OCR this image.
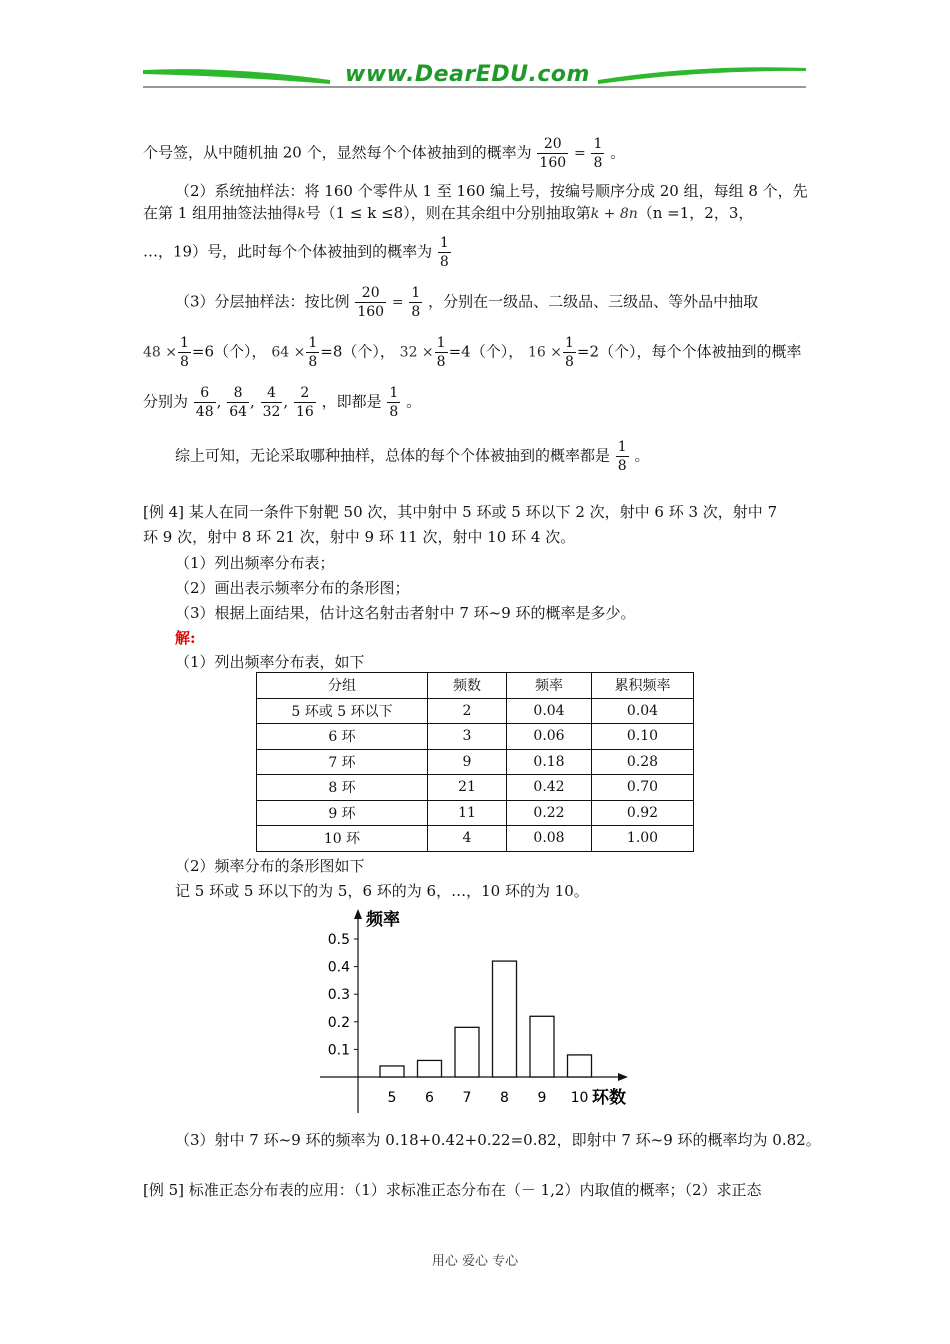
www.DearEDU.com
个号签，从中随机抽 20 个，显然每个个体被抽到的概率为 $\frac{20}{160} = \frac{1}{8}$ 。
（2）系统抽样法：将 160 个零件从 1 至 160 编上号，按编号顺序分成 20 组，每组 8 个，先
在第 1 组用抽签法抽得k号（1 ≤ k ≤8），则在其余组中分别抽取第k + 8n（n =1，2，3，
…，19）号，此时每个个体被抽到的概率为 $\frac{1}{8}$
（3）分层抽样法：按比例 $\frac{20}{160} = \frac{1}{8}$ ，分别在一级品、二级品、三级品、等外品中抽取
$48 \times \frac{1}{8} =6$（个）， $64 \times \frac{1}{8} =8$（个）， $32 \times \frac{1}{8} =4$（个）， $16 \times \frac{1}{8} =2$（个），每个个体被抽到的概率
分别为 $\frac{6}{48}$ , $\frac{8}{64}$ , $\frac{4}{32}$ , $\frac{2}{16}$ ，即都是 $\frac{1}{8}$ 。
综上可知，无论采取哪种抽样，总体的每个个体被抽到的概率都是 $\frac{1}{8}$ 。
[例 4] 某人在同一条件下射靶 50 次，其中射中 5 环或 5 环以下 2 次，射中 6 环 3 次，射中 7
环 9 次，射中 8 环 21 次，射中 9 环 11 次，射中 10 环 4 次。
（1）列出频率分布表；
（2）画出表示频率分布的条形图；
（3）根据上面结果，估计这名射击者射中 7 环~9 环的概率是多少。
解:
（1）列出频率分布表，如下
分组	频数	频率	累积频率
5 环或 5 环以下	2	0.04	0.04
6 环	3	0.06	0.10
7 环	9	0.18	0.28
8 环	21	0.42	0.70
9 环	11	0.22	0.92
10 环	4	0.08	1.00
（2）频率分布的条形图如下
记 5 环或 5 环以下的为 5，6 环的为 6，…，10 环的为 10。
0.1
0.2
0.3
0.4
0.5
5 6 7 8 9 10
频率
环数
（3）射中 7 环~9 环的频率为 0.18+0.42+0.22=0.82，即射中 7 环~9 环的概率均为 0.82。
[例 5] 标准正态分布表的应用：（1）求标准正态分布在（－ 1,2）内取值的概率；（2）求正态
用心 爱心 专心
